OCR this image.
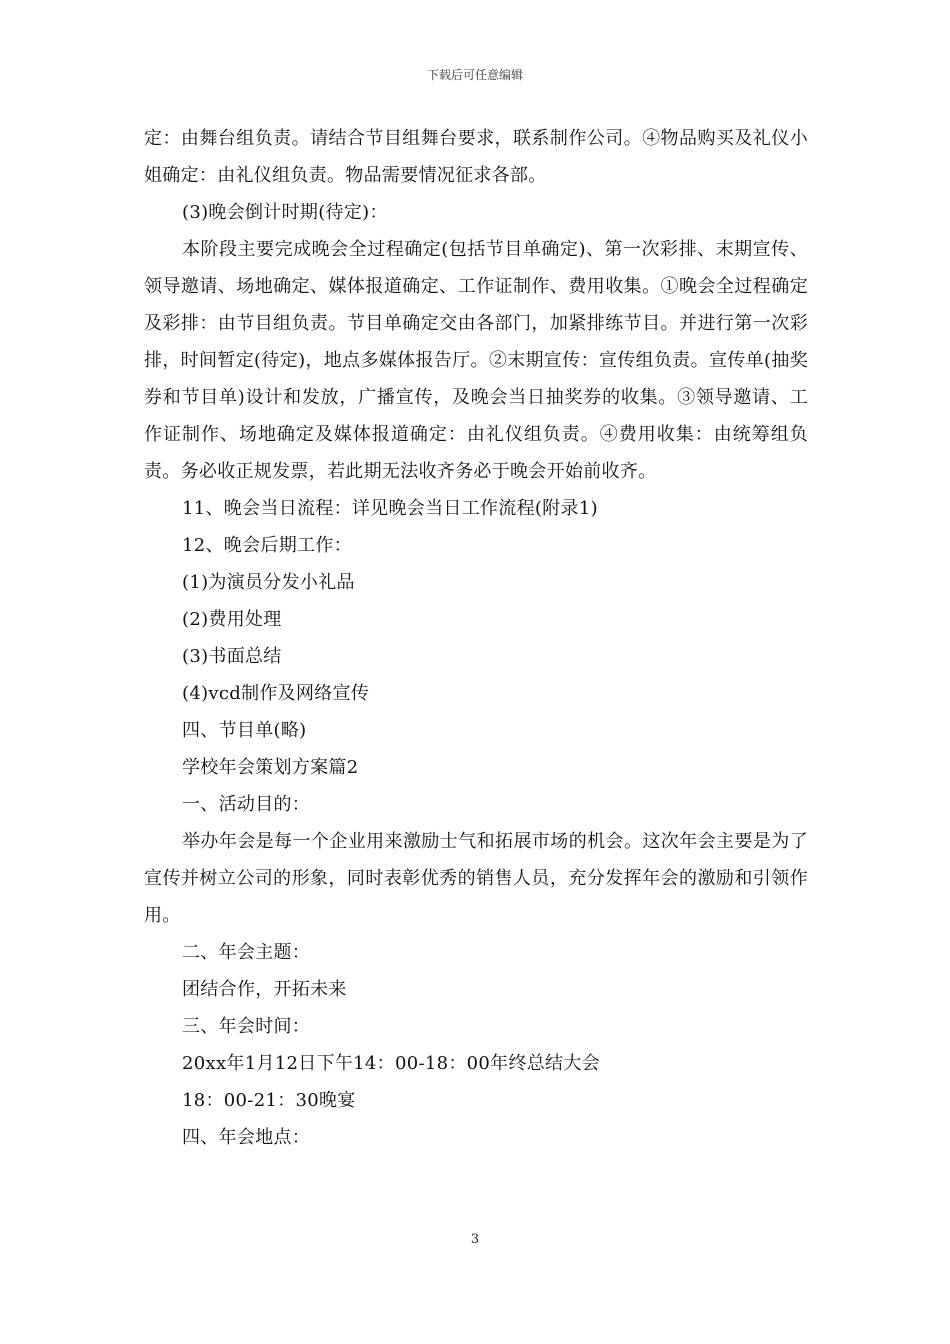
下载后可任意编辑

定：由舞台组负责。请结合节目组舞台要求，联系制作公司。④物品购买及礼仪小姐确定：由礼仪组负责。物品需要情况征求各部。

(3)晚会倒计时期(待定)：

本阶段主要完成晚会全过程确定(包括节目单确定)、第一次彩排、末期宣传、领导邀请、场地确定、媒体报道确定、工作证制作、费用收集。①晚会全过程确定及彩排：由节目组负责。节目单确定交由各部门，加紧排练节目。并进行第一次彩排，时间暂定(待定)，地点多媒体报告厅。②末期宣传：宣传组负责。宣传单(抽奖券和节目单)设计和发放，广播宣传，及晚会当日抽奖券的收集。③领导邀请、工作证制作、场地确定及媒体报道确定：由礼仪组负责。④费用收集：由统筹组负责。务必收正规发票，若此期无法收齐务必于晚会开始前收齐。

11、晚会当日流程：详见晚会当日工作流程(附录1)

12、晚会后期工作：

(1)为演员分发小礼品

(2)费用处理

(3)书面总结

(4)vcd制作及网络宣传

四、节目单(略)

学校年会策划方案篇2

一、活动目的：

举办年会是每一个企业用来激励士气和拓展市场的机会。这次年会主要是为了宣传并树立公司的形象，同时表彰优秀的销售人员，充分发挥年会的激励和引领作用。

二、年会主题：

团结合作，开拓未来

三、年会时间：

20xx年1月12日下午14：00-18：00年终总结大会

18：00-21：30晚宴

四、年会地点：

3
